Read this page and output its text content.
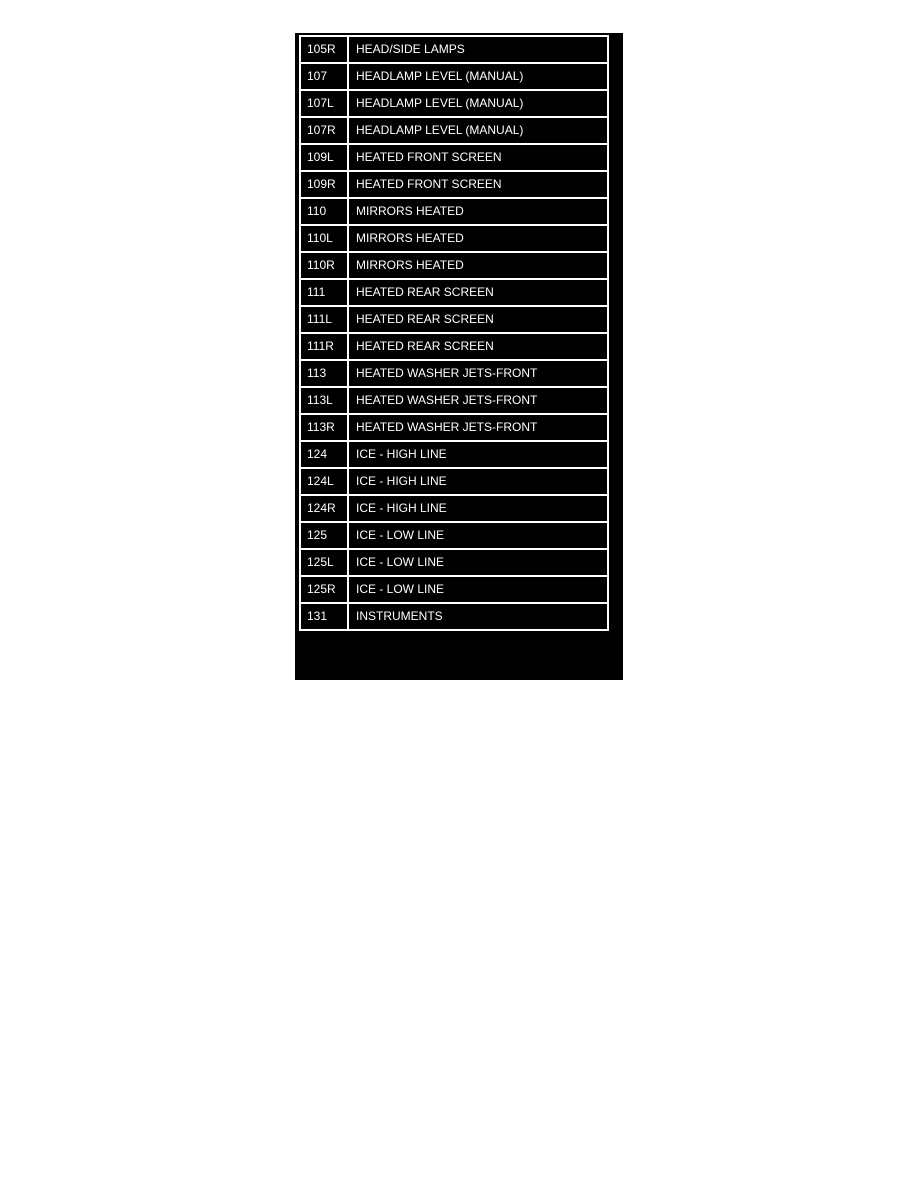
105R	HEAD/SIDE LAMPS
107	HEADLAMP LEVEL (MANUAL)
107L	HEADLAMP LEVEL (MANUAL)
107R	HEADLAMP LEVEL (MANUAL)
109L	HEATED FRONT SCREEN
109R	HEATED FRONT SCREEN
110	MIRRORS HEATED
110L	MIRRORS HEATED
110R	MIRRORS HEATED
111	HEATED REAR SCREEN
111L	HEATED REAR SCREEN
111R	HEATED REAR SCREEN
113	HEATED WASHER JETS-FRONT
113L	HEATED WASHER JETS-FRONT
113R	HEATED WASHER JETS-FRONT
124	ICE - HIGH LINE
124L	ICE - HIGH LINE
124R	ICE - HIGH LINE
125	ICE - LOW LINE
125L	ICE - LOW LINE
125R	ICE - LOW LINE
131	INSTRUMENTS
